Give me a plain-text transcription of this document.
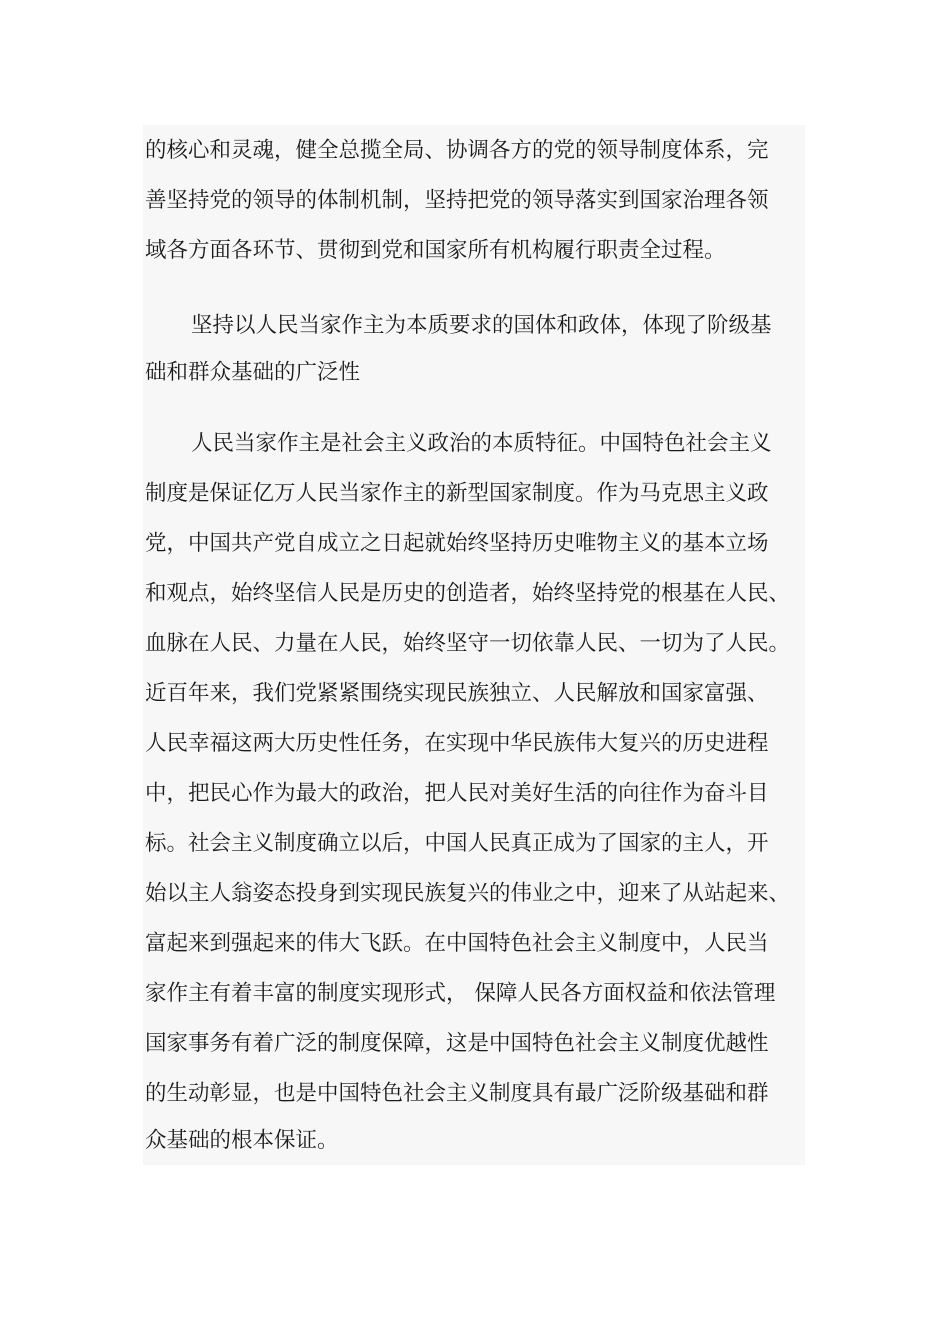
的核心和灵魂，健全总揽全局、协调各方的党的领导制度体系，完
善坚持党的领导的体制机制，坚持把党的领导落实到国家治理各领
域各方面各环节、贯彻到党和国家所有机构履行职责全过程。
坚持以人民当家作主为本质要求的国体和政体，体现了阶级基
础和群众基础的广泛性
人民当家作主是社会主义政治的本质特征。中国特色社会主义
制度是保证亿万人民当家作主的新型国家制度。作为马克思主义政
党，中国共产党自成立之日起就始终坚持历史唯物主义的基本立场
和观点，始终坚信人民是历史的创造者，始终坚持党的根基在人民、
血脉在人民、力量在人民，始终坚守一切依靠人民、一切为了人民。
近百年来，我们党紧紧围绕实现民族独立、人民解放和国家富强、
人民幸福这两大历史性任务，在实现中华民族伟大复兴的历史进程
中，把民心作为最大的政治，把人民对美好生活的向往作为奋斗目
标。社会主义制度确立以后，中国人民真正成为了国家的主人，开
始以主人翁姿态投身到实现民族复兴的伟业之中，迎来了从站起来、
富起来到强起来的伟大飞跃。在中国特色社会主义制度中，人民当
家作主有着丰富的制度实现形式， 保障人民各方面权益和依法管理
国家事务有着广泛的制度保障，这是中国特色社会主义制度优越性
的生动彰显，也是中国特色社会主义制度具有最广泛阶级基础和群
众基础的根本保证。
